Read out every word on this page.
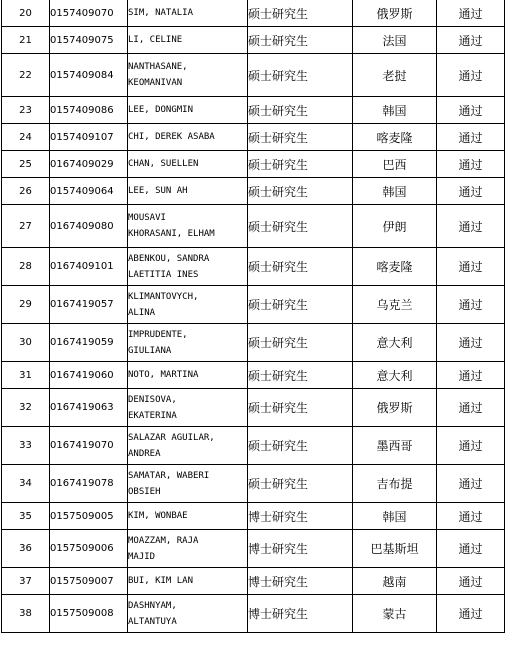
20	0157409070	SIM, NATALIA	硕士研究生	俄罗斯	通过
21	0157409075	LI, CELINE	硕士研究生	法国	通过
22	0157409084	NANTHASANE,
KEOMANIVAN	硕士研究生	老挝	通过
23	0157409086	LEE, DONGMIN	硕士研究生	韩国	通过
24	0157409107	CHI, DEREK ASABA	硕士研究生	喀麦隆	通过
25	0167409029	CHAN, SUELLEN	硕士研究生	巴西	通过
26	0157409064	LEE, SUN AH	硕士研究生	韩国	通过
27	0167409080	MOUSAVI
KHORASANI, ELHAM	硕士研究生	伊朗	通过
28	0167409101	ABENKOU, SANDRA
LAETITIA INES	硕士研究生	喀麦隆	通过
29	0167419057	KLIMANTOVYCH,
ALINA	硕士研究生	乌克兰	通过
30	0167419059	IMPRUDENTE,
GIULIANA	硕士研究生	意大利	通过
31	0167419060	NOTO, MARTINA	硕士研究生	意大利	通过
32	0167419063	DENISOVA,
EKATERINA	硕士研究生	俄罗斯	通过
33	0167419070	SALAZAR AGUILAR,
ANDREA	硕士研究生	墨西哥	通过
34	0167419078	SAMATAR, WABERI
OBSIEH	硕士研究生	吉布提	通过
35	0157509005	KIM, WONBAE	博士研究生	韩国	通过
36	0157509006	MOAZZAM, RAJA
MAJID	博士研究生	巴基斯坦	通过
37	0157509007	BUI, KIM LAN	博士研究生	越南	通过
38	0157509008	DASHNYAM,
ALTANTUYA	博士研究生	蒙古	通过
